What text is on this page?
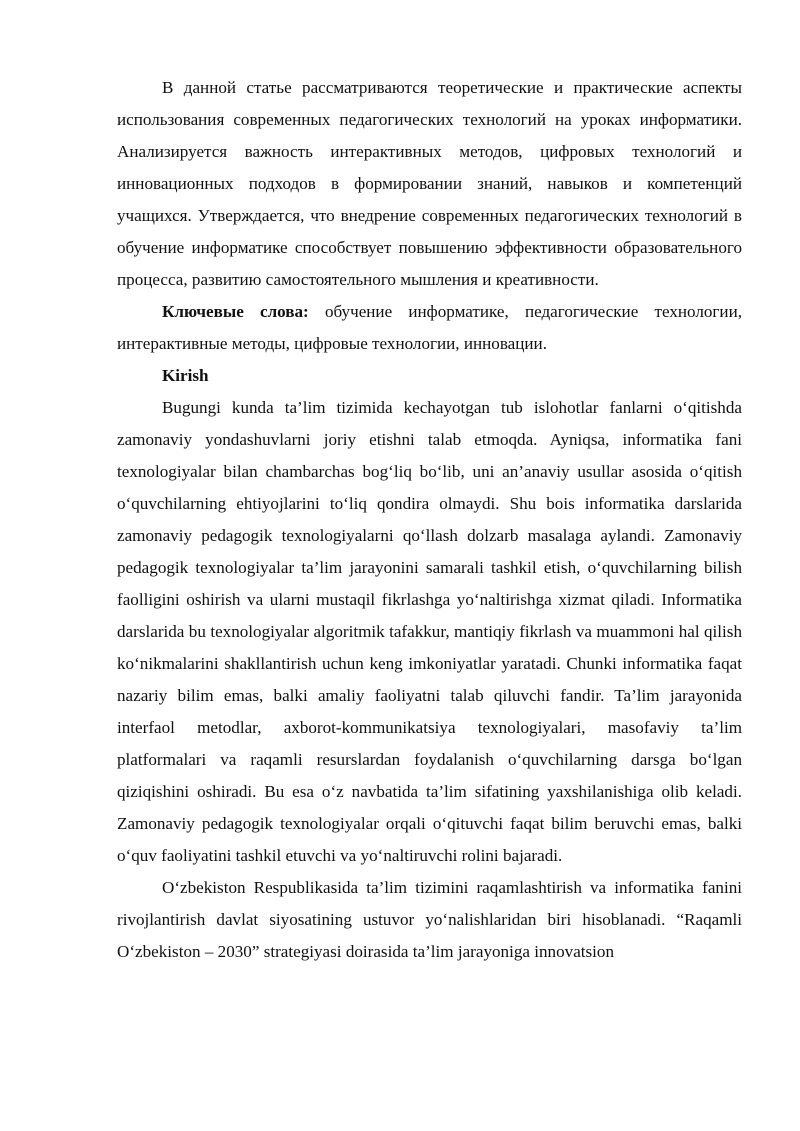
В данной статье рассматриваются теоретические и практические аспекты использования современных педагогических технологий на уроках информатики. Анализируется важность интерактивных методов, цифровых технологий и инновационных подходов в формировании знаний, навыков и компетенций учащихся. Утверждается, что внедрение современных педагогических технологий в обучение информатике способствует повышению эффективности образовательного процесса, развитию самостоятельного мышления и креативности.

Ключевые слова: обучение информатике, педагогические технологии, интерактивные методы, цифровые технологии, инновации.

Kirish

Bugungi kunda ta’lim tizimida kechayotgan tub islohotlar fanlarni o‘qitishda zamonaviy yondashuvlarni joriy etishni talab etmoqda. Ayniqsa, informatika fani texnologiyalar bilan chambarchas bog‘liq bo‘lib, uni an’anaviy usullar asosida o‘qitish o‘quvchilarning ehtiyojlarini to‘liq qondira olmaydi. Shu bois informatika darslarida zamonaviy pedagogik texnologiyalarni qo‘llash dolzarb masalaga aylandi. Zamonaviy pedagogik texnologiyalar ta’lim jarayonini samarali tashkil etish, o‘quvchilarning bilish faolligini oshirish va ularni mustaqil fikrlashga yo‘naltirishga xizmat qiladi. Informatika darslarida bu texnologiyalar algoritmik tafakkur, mantiqiy fikrlash va muammoni hal qilish ko‘nikmalarini shakllantirish uchun keng imkoniyatlar yaratadi. Chunki informatika faqat nazariy bilim emas, balki amaliy faoliyatni talab qiluvchi fandir. Ta’lim jarayonida interfaol metodlar, axborot-kommunikatsiya texnologiyalari, masofaviy ta’lim platformalari va raqamli resurslardan foydalanish o‘quvchilarning darsga bo‘lgan qiziqishini oshiradi. Bu esa o‘z navbatida ta’lim sifatining yaxshilanishiga olib keladi. Zamonaviy pedagogik texnologiyalar orqali o‘qituvchi faqat bilim beruvchi emas, balki o‘quv faoliyatini tashkil etuvchi va yo‘naltiruvchi rolini bajaradi.

O‘zbekiston Respublikasida ta’lim tizimini raqamlashtirish va informatika fanini rivojlantirish davlat siyosatining ustuvor yo‘nalishlaridan biri hisoblanadi. “Raqamli O‘zbekiston – 2030” strategiyasi doirasida ta’lim jarayoniga innovatsion
